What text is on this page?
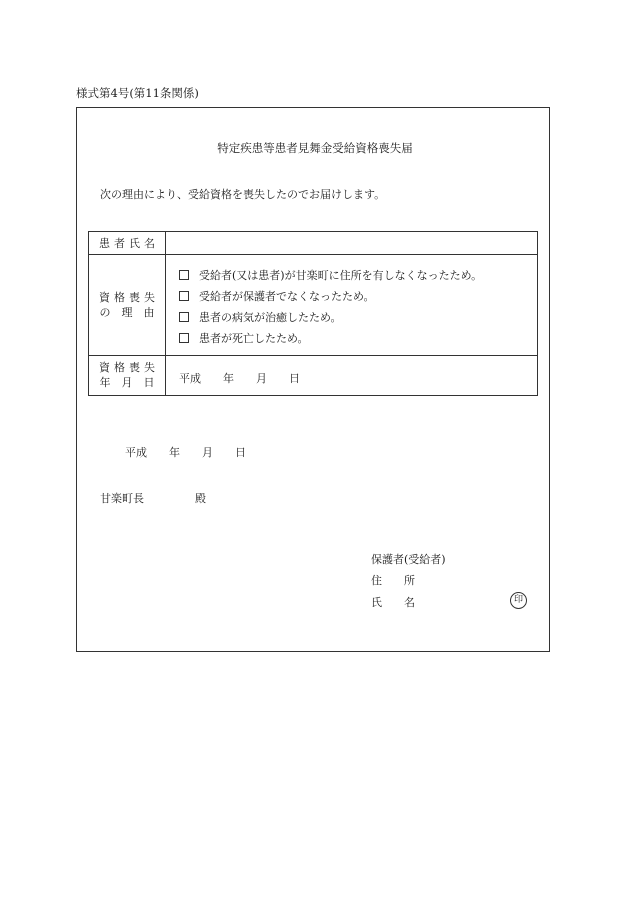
様式第4号(第11条関係)
特定疾患等患者見舞金受給資格喪失届
次の理由により、受給資格を喪失したのでお届けします。
患 者 氏 名
資 格 喪 失
の　理　由
受給者(又は患者)が甘楽町に住所を有しなくなったため。
受給者が保護者でなくなったため。
患者の病気が治癒したため。
患者が死亡したため。
資 格 喪 失
年　月　日	平成　　年　　月　　日
平成　　年　　月　　日
甘楽町長	殿
保護者(受給者)
住　　所
氏　　名	印
